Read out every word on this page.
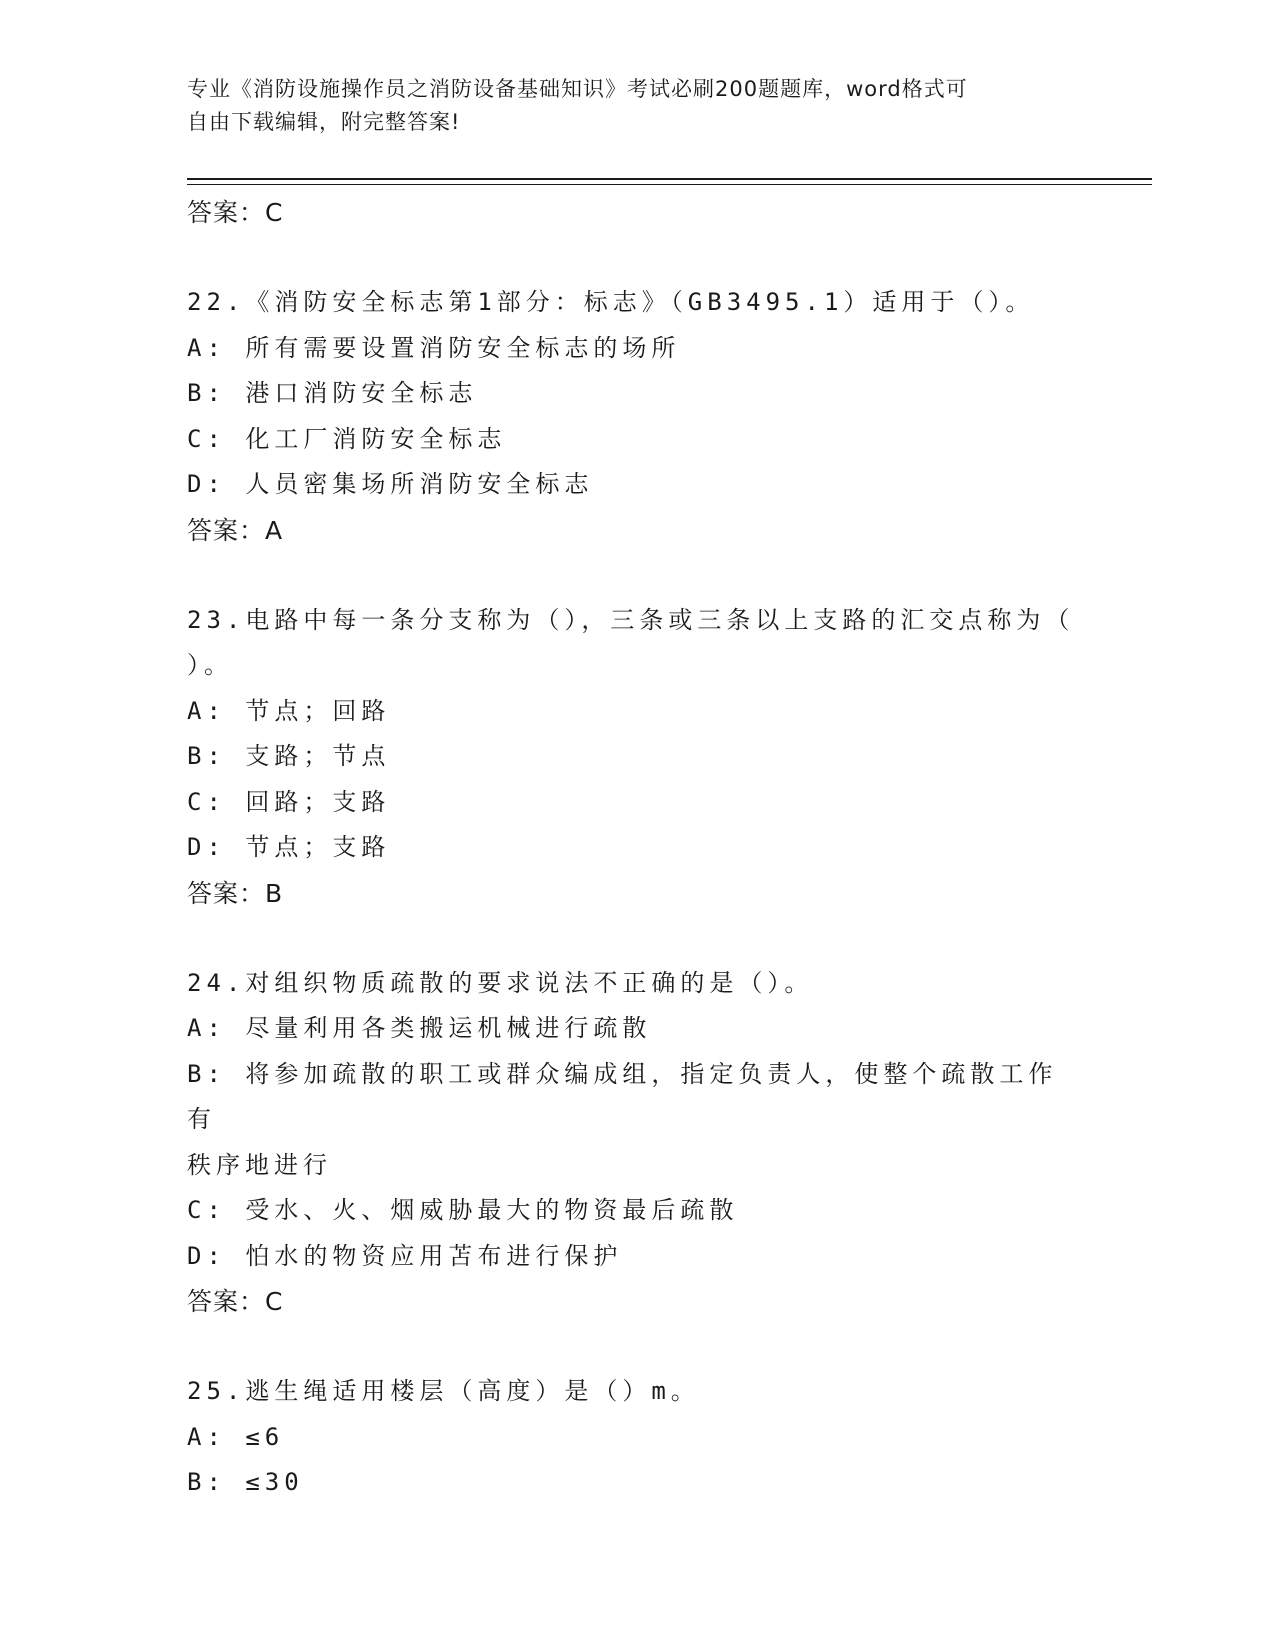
专业《消防设施操作员之消防设备基础知识》考试必刷200题题库，word格式可
自由下载编辑，附完整答案!
答案：C
22.《消防安全标志第1部分：标志》（GB3495.1）适用于（）。
A: 所有需要设置消防安全标志的场所
B: 港口消防安全标志
C: 化工厂消防安全标志
D: 人员密集场所消防安全标志
答案：A
23.电路中每一条分支称为（），三条或三条以上支路的汇交点称为（
）。
A: 节点；回路
B: 支路；节点
C: 回路；支路
D: 节点；支路
答案：B
24.对组织物质疏散的要求说法不正确的是（）。
A: 尽量利用各类搬运机械进行疏散
B: 将参加疏散的职工或群众编成组，指定负责人，使整个疏散工作有
秩序地进行
C: 受水、火、烟威胁最大的物资最后疏散
D: 怕水的物资应用苫布进行保护
答案：C
25.逃生绳适用楼层（高度）是（）m。
A: ≤6
B: ≤30
